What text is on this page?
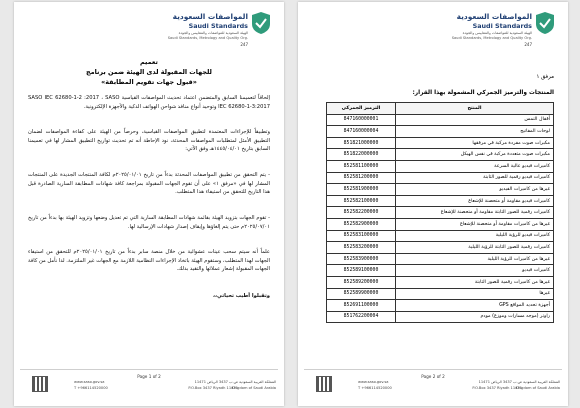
المواصفات السعودية
Saudi Standards
الهيئة السعودية للمواصفات والمقاييس والجودة
Saudi Standards, Metrology and Quality Org.
247
تعميم
للجهات المقبولة لدى الهيئة ضمن برنامج
«قبول جهات تقويم المطابقة»
إلحاقاً لتعميمنا السابق والمتضمن اعتماد تحديث المواصفات القياسية SASO IEC 62680-1-2 :2017 ، SASO IEC 62680-1-3:2017 وتوحيد أنواع منافذ شواحن الهواتف الذكية والأجهزة الإلكترونية.
وتطبيقاً للإجراءات المعتمدة لتطبيق المواصفات القياسية، وحرصاً من الهيئة على كفاءة المواصفات لضمان التطبيق الأمثل لمتطلبات المواصفات المحدثة، نود الإحاطة أنه تم تحديث تواريخ التطبيق المشار لها في تعميمنا السابق بتاريخ ١٤٤٥/٠٤/٠١هـ وفق الآتي:
- يتم التحقق من تطبيق المواصفات المحدثة بدءاً من تاريخ ٢٠٢٥/٠١/٠١م لكافة المنتجات الجديدة على المنتجات المشار لها في «مرفق ١» على أن تقوم الجهات المقبولة بمراجعة كافة شهادات المطابقة السارية الصادرة قبل هذا التاريخ للتحقق من استيفاء هذا المتطلب.
- تقوم الجهات بتزويد الهيئة بقائمة شهادات المطابقة السارية التي تم تعديل وضعها وتزويد الهيئة بها بدءاً من تاريخ ٢٠٢٥/٠٧/٠١م حتى يتم إلغاؤها وإيقاف إصدار شهادات الإرسالية لها.
علماً أنه سيتم سحب عينات عشوائية من خلال منصة سابر بدءاً من تاريخ ٢٠٢٥/٠١/٠١م للتحقق من استيفاء الجهات لهذا المتطلب، وستقوم الهيئة باتخاذ الإجراءات النظامية اللازمة مع الجهات غير الملتزمة. لذا نأمل من كافة الجهات المقبولة إشعار عملائها والتقيد بذلك.
وتقبلوا أطيب تحياتي،،
Page 1 of 2
المملكة العربية السعودية
Kingdom of Saudi Arabia
ص.ب 3437 الرياض 11471
P.O.Box 3437 Riyadh 11471
www.saso.gov.sa
T +966114520000
المواصفات السعودية
Saudi Standards
الهيئة السعودية للمواصفات والمقاييس والجودة
Saudi Standards, Metrology and Quality Org.
247
مرفق ١
المنتجات والترميز الجمركي المشمولة بهذا القرار:
الترميز الجمركي	المنتج
847160000001	أقفال التمس
847160000004	لوحات المفاتيح
851821000000	مكبرات صوت مفردة مركبة في مرفقها
851822000000	مكبرات صوت متعددة مركبة في نفس الهيكل
852581100000	كاميرات فيديو عالية السرعة
852581200000	كاميرات فيديو رقمية للصور الثابتة
852581900000	غيرها من كاميرات الفيديو
852582100000	كاميرات فيديو مقاومة أو متحصنة للإشعاع
852582200000	كاميرات رقمية للصور الثابتة مقاومة أو متحصنة للإشعاع
852582900000	غيرها من كاميرات مقاومة أو متحصنة للإشعاع
852583100000	كاميرات فيديو للرؤية الليلية
852583200000	كاميرات رقمية للصور الثابتة للرؤية الليلية
852583900000	غيرها من كاميرات للرؤية الليلية
852589100000	كاميرات فيديو
852589200000	غيرها من كاميرات رقمية للصور الثابتة
852589900000	غيرها
852691100000	أجهزة تحديد المواقع GPS
851762200004	راوتر (موجه مسارات وموزع) مودم
Page 2 of 2
المملكة العربية السعودية
Kingdom of Saudi Arabia
ص.ب 3437 الرياض 11471
P.O.Box 3437 Riyadh 11471
www.saso.gov.sa
T +966114520000
